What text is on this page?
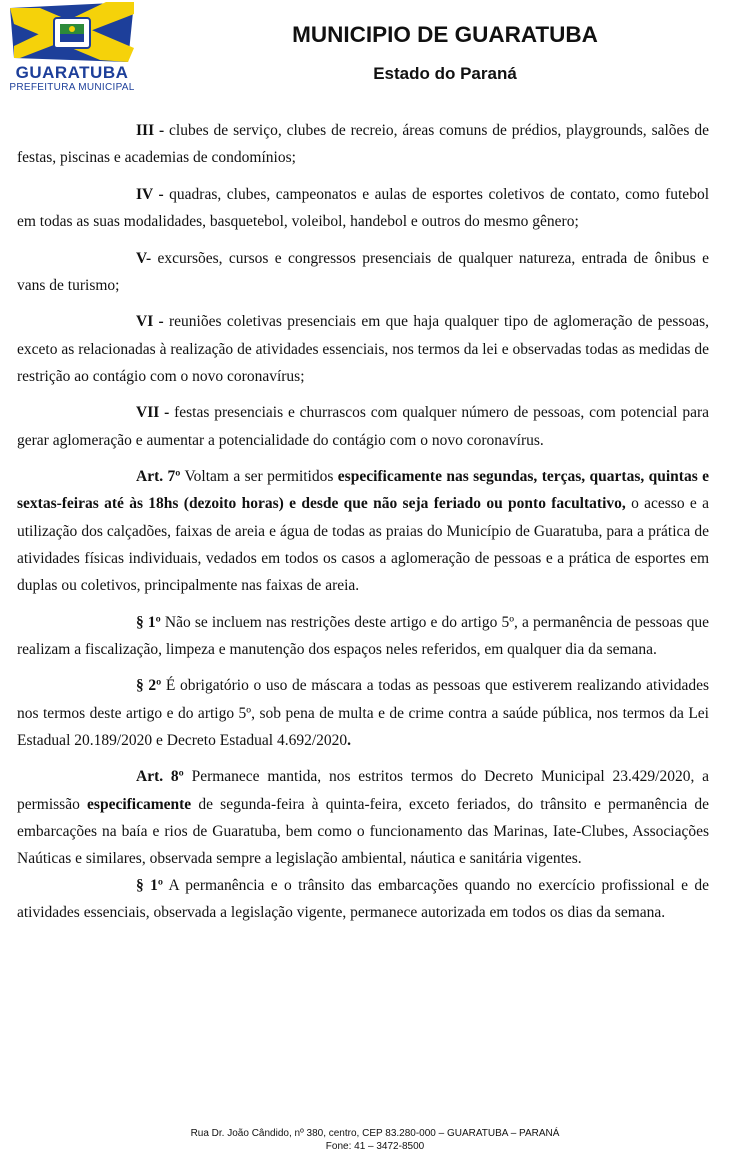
GUARATUBA
PREFEITURA MUNICIPAL
MUNICIPIO DE GUARATUBA
Estado do Paraná

III - clubes de serviço, clubes de recreio, áreas comuns de prédios, playgrounds, salões de festas, piscinas e academias de condomínios;

IV - quadras, clubes, campeonatos e aulas de esportes coletivos de contato, como futebol em todas as suas modalidades, basquetebol, voleibol, handebol e outros do mesmo gênero;

V- excursões, cursos e congressos presenciais de qualquer natureza, entrada de ônibus e vans de turismo;

VI - reuniões coletivas presenciais em que haja qualquer tipo de aglomeração de pessoas, exceto as relacionadas à realização de atividades essenciais, nos termos da lei e observadas todas as medidas de restrição ao contágio com o novo coronavírus;

VII - festas presenciais e churrascos com qualquer número de pessoas, com potencial para gerar aglomeração e aumentar a potencialidade do contágio com o novo coronavírus.

Art. 7º Voltam a ser permitidos especificamente nas segundas, terças, quartas, quintas e sextas-feiras até às 18hs (dezoito horas) e desde que não seja feriado ou ponto facultativo, o acesso e a utilização dos calçadões, faixas de areia e água de todas as praias do Município de Guaratuba, para a prática de atividades físicas individuais, vedados em todos os casos a aglomeração de pessoas e a prática de esportes em duplas ou coletivos, principalmente nas faixas de areia.

§ 1º Não se incluem nas restrições deste artigo e do artigo 5º, a permanência de pessoas que realizam a fiscalização, limpeza e manutenção dos espaços neles referidos, em qualquer dia da semana.

§ 2º É obrigatório o uso de máscara a todas as pessoas que estiverem realizando atividades nos termos deste artigo e do artigo 5º, sob pena de multa e de crime contra a saúde pública, nos termos da Lei Estadual 20.189/2020 e Decreto Estadual 4.692/2020.

Art. 8º Permanece mantida, nos estritos termos do Decreto Municipal 23.429/2020, a permissão especificamente de segunda-feira à quinta-feira, exceto feriados, do trânsito e permanência de embarcações na baía e rios de Guaratuba, bem como o funcionamento das Marinas, Iate-Clubes, Associações Naúticas e similares, observada sempre a legislação ambiental, náutica e sanitária vigentes.

§ 1º A permanência e o trânsito das embarcações quando no exercício profissional e de atividades essenciais, observada a legislação vigente, permanece autorizada em todos os dias da semana.

Rua Dr. João Cândido, nº 380, centro, CEP 83.280-000 – GUARATUBA – PARANÁ
Fone: 41 – 3472-8500
